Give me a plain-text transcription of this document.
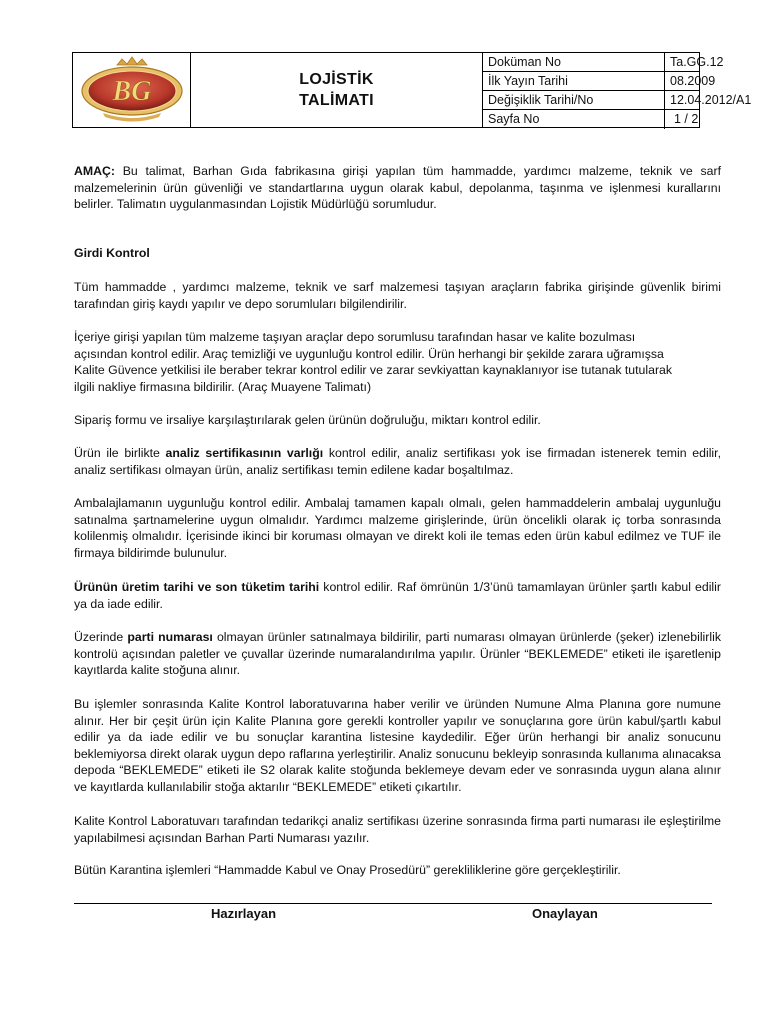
BG	LOJİSTİK
TALİMATI
Doküman No	Ta.GG.12
İlk Yayın Tarihi	08.2009
Değişiklik Tarihi/No	12.04.2012/A1
Sayfa No	1 / 2
AMAÇ: Bu talimat, Barhan Gıda fabrikasına girişi yapılan tüm hammadde, yardımcı malzeme, teknik ve sarf malzemelerinin ürün güvenliği ve standartlarına uygun olarak kabul, depolanma, taşınma ve işlenmesi kurallarını belirler. Talimatın uygulanmasından Lojistik Müdürlüğü sorumludur.
Girdi Kontrol
Tüm hammadde , yardımcı malzeme, teknik ve sarf malzemesi taşıyan araçların fabrika girişinde güvenlik birimi tarafından giriş kaydı yapılır ve depo sorumluları bilgilendirilir.
İçeriye girişi yapılan tüm malzeme taşıyan araçlar depo sorumlusu tarafından hasar ve kalite bozulması
açısından kontrol edilir. Araç temizliği ve uygunluğu kontrol edilir. Ürün herhangi bir şekilde zarara uğramışsa
Kalite Güvence yetkilisi ile beraber tekrar kontrol edilir ve zarar sevkiyattan kaynaklanıyor ise tutanak tutularak
ilgili nakliye firmasına bildirilir. (Araç Muayene Talimatı)
Sipariş formu ve irsaliye karşılaştırılarak gelen ürünün doğruluğu, miktarı kontrol edilir.
Ürün ile birlikte analiz sertifikasının varlığı kontrol edilir, analiz sertifikası yok ise firmadan istenerek temin edilir, analiz sertifikası olmayan ürün, analiz sertifikası temin edilene kadar boşaltılmaz.
Ambalajlamanın uygunluğu kontrol edilir. Ambalaj tamamen kapalı olmalı, gelen hammaddelerin ambalaj uygunluğu satınalma şartnamelerine uygun olmalıdır. Yardımcı malzeme girişlerinde, ürün öncelikli olarak iç torba sonrasında kolilenmiş olmalıdır. İçerisinde ikinci bir koruması olmayan ve direkt koli ile temas eden ürün kabul edilmez ve TUF ile firmaya bildirimde bulunulur.
Ürünün üretim tarihi ve son tüketim tarihi kontrol edilir. Raf ömrünün 1/3’ünü tamamlayan ürünler şartlı kabul edilir ya da iade edilir.
Üzerinde parti numarası olmayan ürünler satınalmaya bildirilir, parti numarası olmayan ürünlerde (şeker) izlenebilirlik kontrolü açısından paletler ve çuvallar üzerinde numaralandırılma yapılır. Ürünler “BEKLEMEDE” etiketi ile işaretlenip kayıtlarda kalite stoğuna alınır.
Bu işlemler sonrasında Kalite Kontrol laboratuvarına haber verilir ve üründen Numune Alma Planına gore numune alınır. Her bir çeşit ürün için Kalite Planına gore gerekli kontroller yapılır ve sonuçlarına gore ürün kabul/şartlı kabul edilir ya da iade edilir ve bu sonuçlar karantina listesine kaydedilir. Eğer ürün herhangi bir analiz sonucunu beklemiyorsa direkt olarak uygun depo raflarına yerleştirilir. Analiz sonucunu bekleyip sonrasında kullanıma alınacaksa depoda “BEKLEMEDE” etiketi ile S2 olarak kalite stoğunda beklemeye devam eder ve sonrasında uygun alana alınır ve kayıtlarda kullanılabilir stoğa aktarılır “BEKLEMEDE” etiketi çıkartılır.
Kalite Kontrol Laboratuvarı tarafından tedarikçi analiz sertifikası üzerine sonrasında firma parti numarası ile eşleştirilme yapılabilmesi açısından Barhan Parti Numarası yazılır.
Bütün Karantina işlemleri “Hammadde Kabul ve Onay Prosedürü” gerekliliklerine göre gerçekleştirilir.
Hazırlayan	Onaylayan
